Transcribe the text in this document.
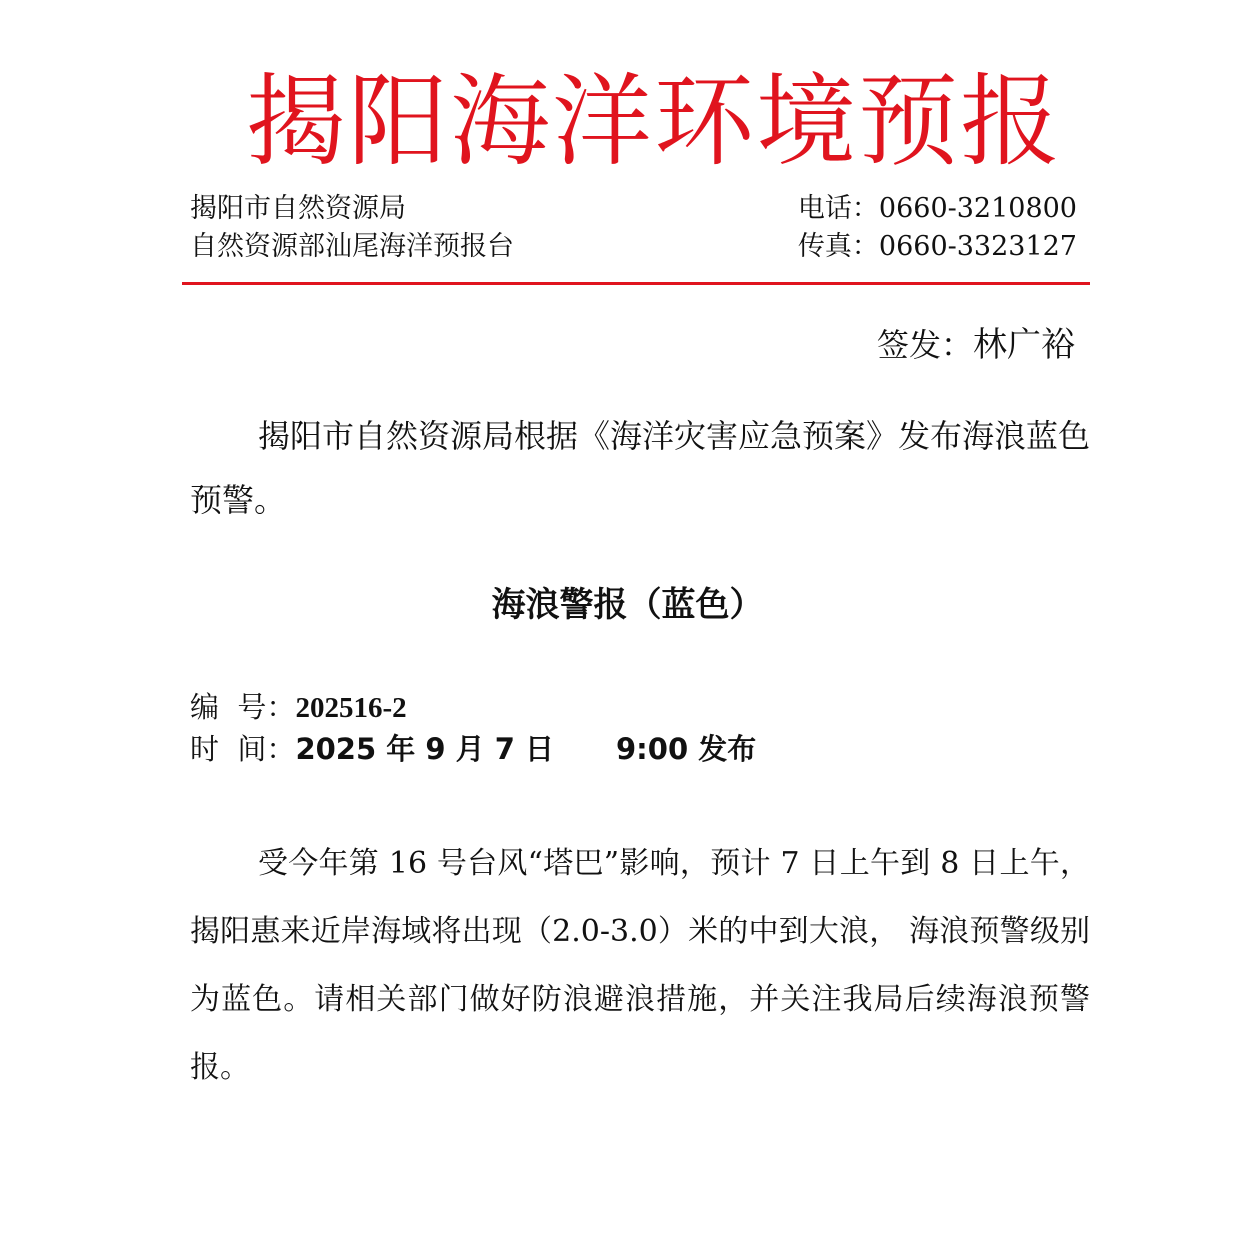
揭阳海洋环境预报
揭阳市自然资源局
自然资源部汕尾海洋预报台
电话：0660-3210800
传真：0660-3323127
签发：林广裕

揭阳市自然资源局根据《海洋灾害应急预案》发布海浪蓝色预警。

海浪警报（蓝色）
编  号：202516-2
时  间：2025 年 9 月 7 日 9:00 发布

受今年第 16 号台风“塔巴”影响，预计 7 日上午到 8 日上午，揭阳惠来近岸海域将出现（2.0-3.0）米的中到大浪， 海浪预警级别为蓝色。请相关部门做好防浪避浪措施，并关注我局后续海浪预警报。
